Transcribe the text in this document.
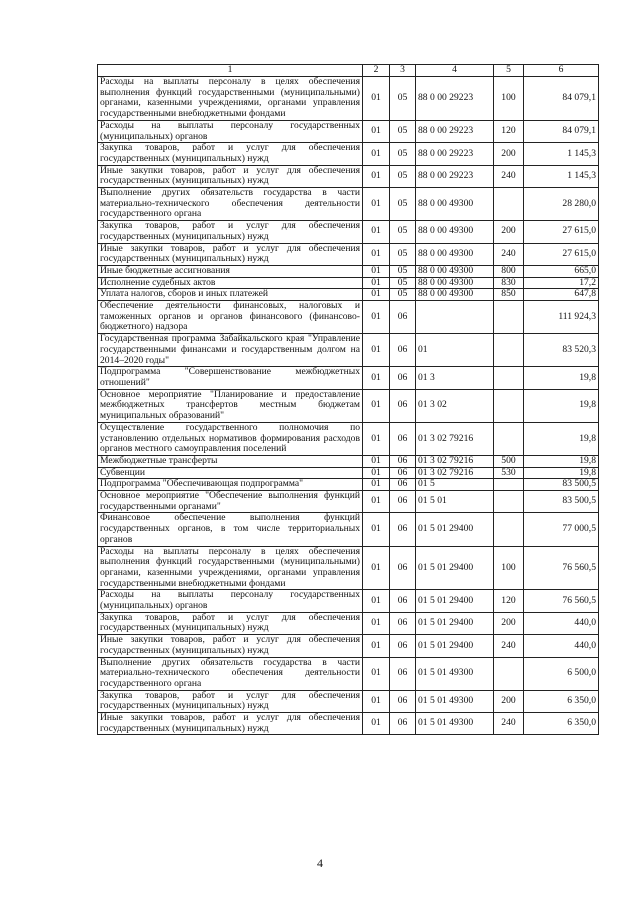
1	2	3	4	5	6
Расходы на выплаты персоналу в целях обеспечения выполнения функций государственными (муниципальными) органами, казенными учреждениями, органами управления государственными внебюджетными фондами	01	05	88 0 00 29223	100	84 079,1
Расходы на выплаты персоналу государственных (муниципальных) органов	01	05	88 0 00 29223	120	84 079,1
Закупка товаров, работ и услуг для обеспечения государственных (муниципальных) нужд	01	05	88 0 00 29223	200	1 145,3
Иные закупки товаров, работ и услуг для обеспечения государственных (муниципальных) нужд	01	05	88 0 00 29223	240	1 145,3
Выполнение других обязательств государства в части материально-технического обеспечения деятельности государственного органа	01	05	88 0 00 49300		28 280,0
Закупка товаров, работ и услуг для обеспечения государственных (муниципальных) нужд	01	05	88 0 00 49300	200	27 615,0
Иные закупки товаров, работ и услуг для обеспечения государственных (муниципальных) нужд	01	05	88 0 00 49300	240	27 615,0
Иные бюджетные ассигнования	01	05	88 0 00 49300	800	665,0
Исполнение судебных актов	01	05	88 0 00 49300	830	17,2
Уплата налогов, сборов и иных платежей	01	05	88 0 00 49300	850	647,8
Обеспечение деятельности финансовых, налоговых и таможенных органов и органов финансового (финансово-бюджетного) надзора	01	06			111 924,3
Государственная программа Забайкальского края "Управление государственными финансами и государственным долгом на 2014–2020 годы"	01	06	01		83 520,3
Подпрограмма "Совершенствование межбюджетных отношений"	01	06	01 3		19,8
Основное мероприятие "Планирование и предоставление межбюджетных трансфертов местным бюджетам муниципальных образований"	01	06	01 3 02		19,8
Осуществление государственного полномочия по установлению отдельных нормативов формирования расходов органов местного самоуправления поселений	01	06	01 3 02 79216		19,8
Межбюджетные трансферты	01	06	01 3 02 79216	500	19,8
Субвенции	01	06	01 3 02 79216	530	19,8
Подпрограмма "Обеспечивающая подпрограмма"	01	06	01 5		83 500,5
Основное мероприятие "Обеспечение выполнения функций государственными органами"	01	06	01 5 01		83 500,5
Финансовое обеспечение выполнения функций государственных органов, в том числе территориальных органов	01	06	01 5 01 29400		77 000,5
Расходы на выплаты персоналу в целях обеспечения выполнения функций государственными (муниципальными) органами, казенными учреждениями, органами управления государственными внебюджетными фондами	01	06	01 5 01 29400	100	76 560,5
Расходы на выплаты персоналу государственных (муниципальных) органов	01	06	01 5 01 29400	120	76 560,5
Закупка товаров, работ и услуг для обеспечения государственных (муниципальных) нужд	01	06	01 5 01 29400	200	440,0
Иные закупки товаров, работ и услуг для обеспечения государственных (муниципальных) нужд	01	06	01 5 01 29400	240	440,0
Выполнение других обязательств государства в части материально-технического обеспечения деятельности государственного органа	01	06	01 5 01 49300		6 500,0
Закупка товаров, работ и услуг для обеспечения государственных (муниципальных) нужд	01	06	01 5 01 49300	200	6 350,0
Иные закупки товаров, работ и услуг для обеспечения государственных (муниципальных) нужд	01	06	01 5 01 49300	240	6 350,0
4
